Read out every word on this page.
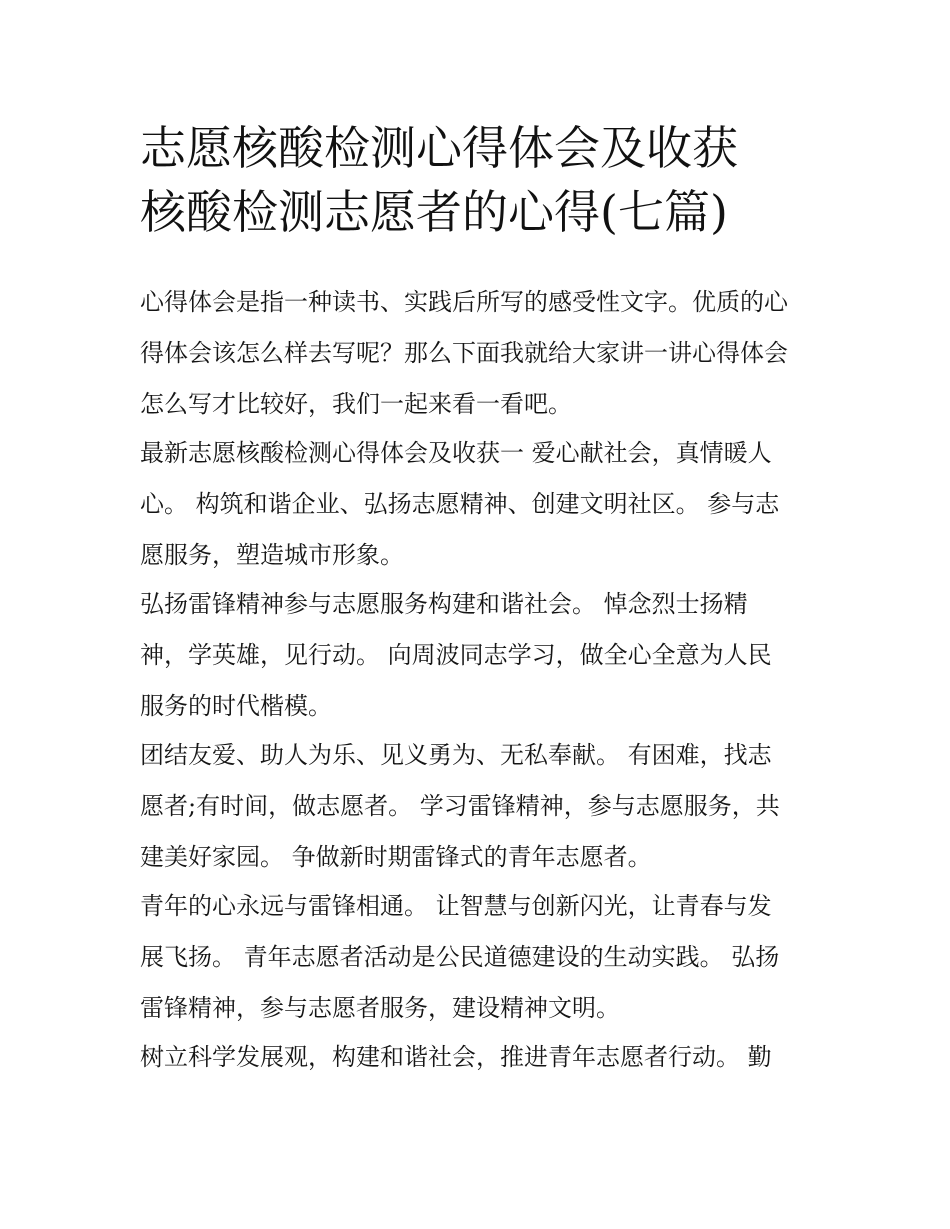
志愿核酸检测心得体会及收获
核酸检测志愿者的心得(七篇)

心得体会是指一种读书、实践后所写的感受性文字。优质的心
得体会该怎么样去写呢？那么下面我就给大家讲一讲心得体会
怎么写才比较好，我们一起来看一看吧。

最新志愿核酸检测心得体会及收获一 爱心献社会，真情暖人
心。 构筑和谐企业、弘扬志愿精神、创建文明社区。 参与志
愿服务，塑造城市形象。

弘扬雷锋精神参与志愿服务构建和谐社会。 悼念烈士扬精
神，学英雄，见行动。 向周波同志学习，做全心全意为人民
服务的时代楷模。

团结友爱、助人为乐、见义勇为、无私奉献。 有困难，找志
愿者;有时间，做志愿者。 学习雷锋精神，参与志愿服务，共
建美好家园。 争做新时期雷锋式的青年志愿者。

青年的心永远与雷锋相通。 让智慧与创新闪光，让青春与发
展飞扬。 青年志愿者活动是公民道德建设的生动实践。 弘扬
雷锋精神，参与志愿者服务，建设精神文明。

树立科学发展观，构建和谐社会，推进青年志愿者行动。 勤
